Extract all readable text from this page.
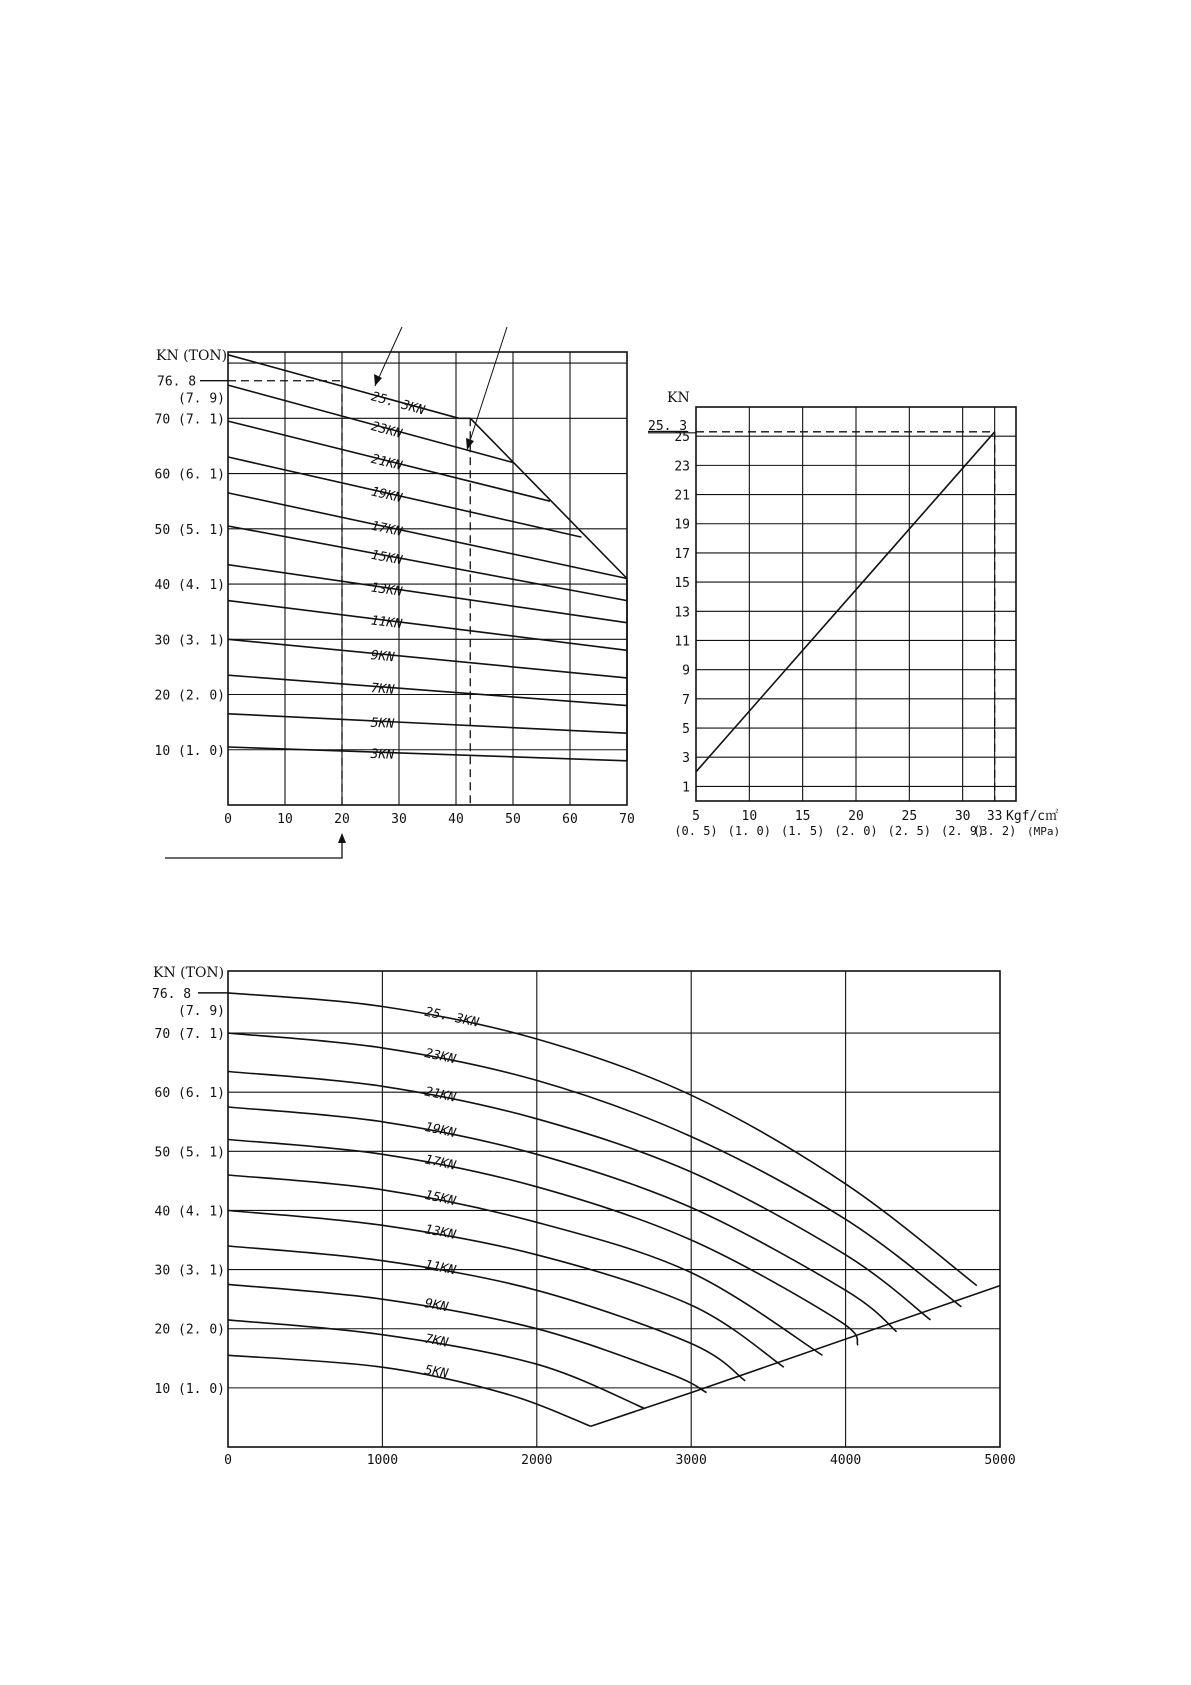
KN (TON)
10 (1. 0)
20 (2. 0)
30 (3. 1)
40 (4. 1)
50 (5. 1)
60 (6. 1)
70 (7. 1)
0	10	20	30	40	50	60	70
76. 8
(7. 9)	25. 3KN
23KN
21KN
19KN
17KN
15KN
13KN
11KN
9KN
7KN
5KN
3KN
KN
1
3
5
7
9
11
13
15
17
19
21
23
25
25. 3
5	10	15	20	25	30 33 Kgf/c㎡
(0. 5) (1. 0) (1. 5) (2. 0) (2. 5) (2. 9)
(3. 2) (MPa)
KN (TON)
10 (1. 0)
20 (2. 0)
30 (3. 1)
40 (4. 1)
50 (5. 1)
60 (6. 1)
70 (7. 1)
0	1000	2000	3000	4000	5000
76. 8
(7. 9)	25. 3KN
23KN
21KN
19KN
17KN
15KN
13KN
11KN
9KN
7KN
5KN
